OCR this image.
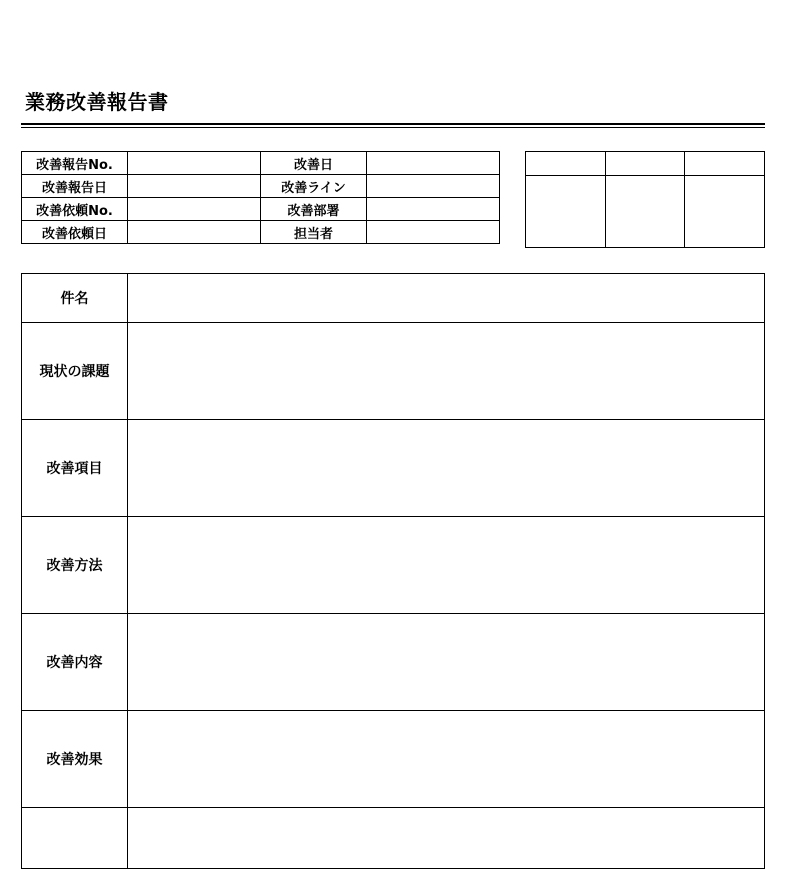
業務改善報告書
改善報告No.		改善日	
改善報告日		改善ライン	
改善依頼No.		改善部署	
改善依頼日		担当者	

件名	
現状の課題	
改善項目	
改善方法	
改善内容	
改善効果	
